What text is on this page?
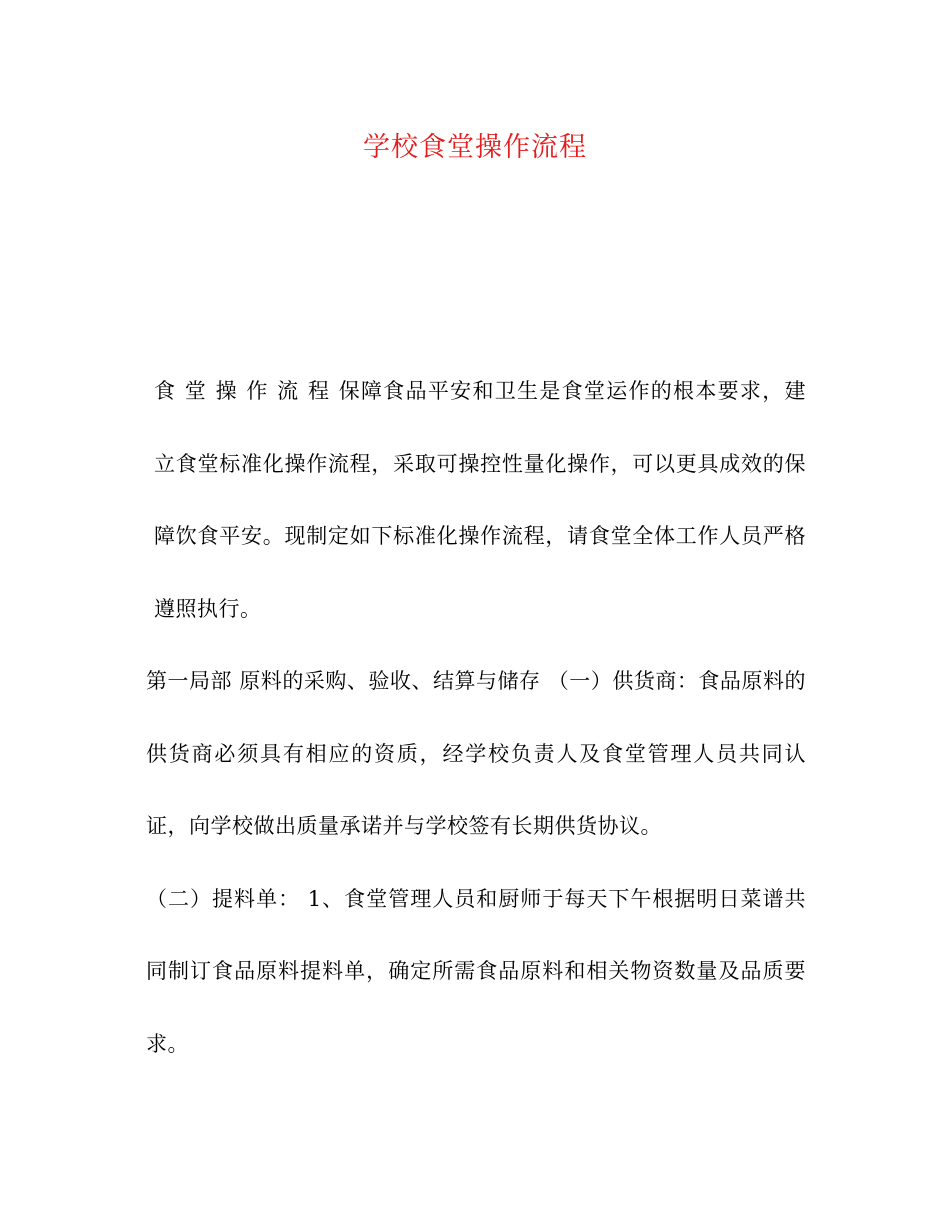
学校食堂操作流程

食堂操作流程保障食品平安和卫生是食堂运作的根本要求，建立食堂标准化操作流程，采取可操控性量化操作，可以更具成效的保障饮食平安。现制定如下标准化操作流程，请食堂全体工作人员严格遵照执行。

第一局部 原料的采购、验收、结算与储存 （一）供货商：食品原料的供货商必须具有相应的资质，经学校负责人及食堂管理人员共同认证，向学校做出质量承诺并与学校签有长期供货协议。

（二）提料单： 1、食堂管理人员和厨师于每天下午根据明日菜谱共同制订食品原料提料单，确定所需食品原料和相关物资数量及品质要求。
